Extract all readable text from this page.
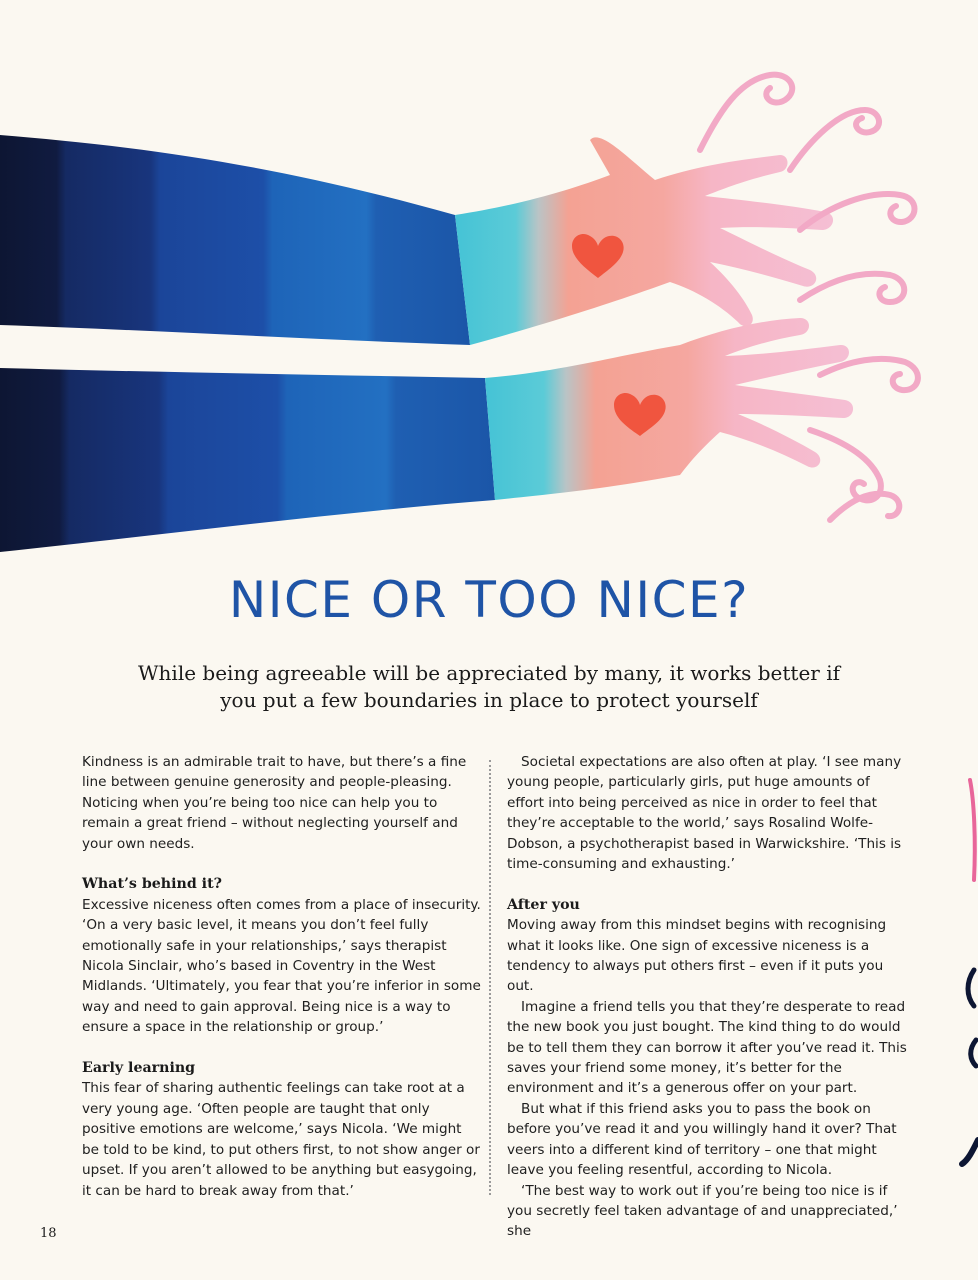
NICE OR TOO NICE?

While being agreeable will be appreciated by many, it works better if you put a few boundaries in place to protect yourself

Kindness is an admirable trait to have, but there’s a fine line between genuine generosity and people-pleasing. Noticing when you’re being too nice can help you to remain a great friend – without neglecting yourself and your own needs.

What’s behind it?

Excessive niceness often comes from a place of insecurity. ‘On a very basic level, it means you don’t feel fully emotionally safe in your relationships,’ says therapist Nicola Sinclair, who’s based in Coventry in the West Midlands. ‘Ultimately, you fear that you’re inferior in some way and need to gain approval. Being nice is a way to ensure a space in the relationship or group.’

Early learning

This fear of sharing authentic feelings can take root at a very young age. ‘Often people are taught that only positive emotions are welcome,’ says Nicola. ‘We might be told to be kind, to put others first, to not show anger or upset. If you aren’t allowed to be anything but easygoing, it can be hard to break away from that.’

Societal expectations are also often at play. ‘I see many young people, particularly girls, put huge amounts of effort into being perceived as nice in order to feel that they’re acceptable to the world,’ says Rosalind Wolfe-Dobson, a psychotherapist based in Warwickshire. ‘This is time-consuming and exhausting.’

After you

Moving away from this mindset begins with recognising what it looks like. One sign of excessive niceness is a tendency to always put others first – even if it puts you out.

Imagine a friend tells you that they’re desperate to read the new book you just bought. The kind thing to do would be to tell them they can borrow it after you’ve read it. This saves your friend some money, it’s better for the environment and it’s a generous offer on your part.

But what if this friend asks you to pass the book on before you’ve read it and you willingly hand it over? That veers into a different kind of territory – one that might leave you feeling resentful, according to Nicola.

‘The best way to work out if you’re being too nice is if you secretly feel taken advantage of and unappreciated,’ she

18
